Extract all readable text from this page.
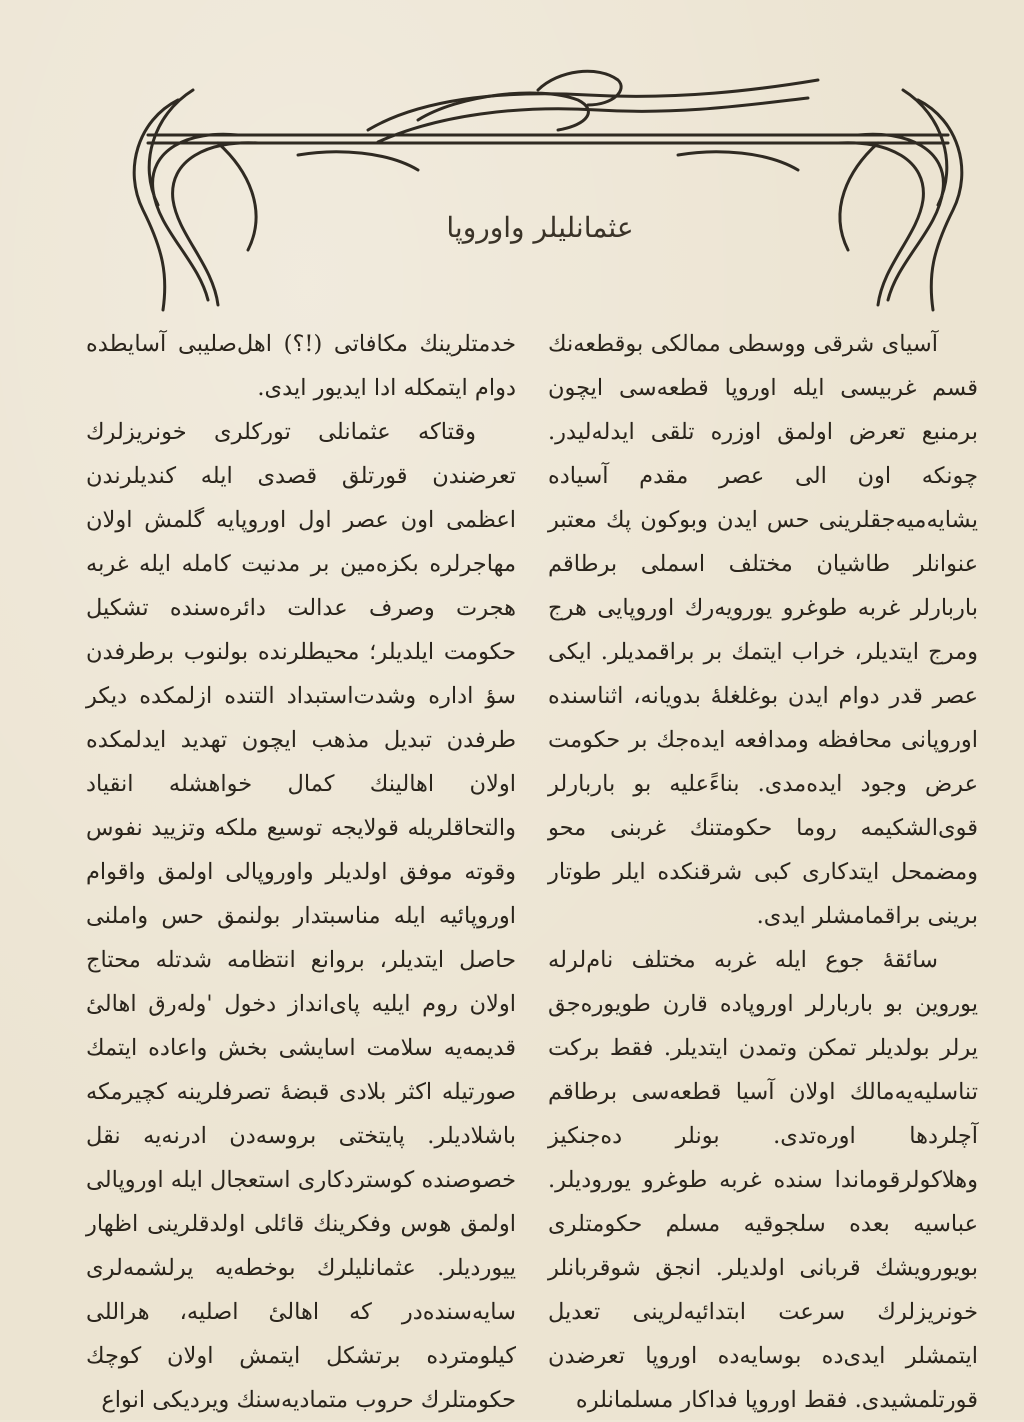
عثمانلیلر واوروپا

آسیای شرقی ووسطی ممالکی بوقطعه‌نك قسم غربیسی ایله اوروپا قطعه‌سی ایچون برمنبع تعرض اولمق اوزره تلقی ایدله‌لیدر. چونکه اون الی عصر مقدم آسیاده یشایه‌میه‌جقلرینی حس ایدن وبوکون پك معتبر عنوانلر طاشیان مختلف اسملی برطاقم باربارلر غربه طوغرو یورویه‌رك اوروپایی هرج ومرج ایتدیلر، خراب ایتمك بر براقمدیلر. ایکی عصر قدر دوام ایدن بوغلغلهٔ بدویانه، اثناسنده اوروپانی محافظه ومدافعه ایده‌جك بر حکومت عرض وجود ایده‌مدی. بناءًعلیه بو باربارلر قوی‌الشکیمه روما حکومتنك غربنی محو ومضمحل ایتدکاری کبی شرقنکده ایلر طوتار برینی براقمامشلر ایدی.

سائقهٔ جوع ایله غربه مختلف نام‌لرله یوروین بو باربارلر اوروپاده قارن طویوره‌جق یرلر بولدیلر تمکن وتمدن ایتدیلر. فقط برکت تناسلیه‌یه‌مالك اولان آسیا قطعه‌سی برطاقم آچلردها اوره‌تدی. بونلر ده‌جنکیز وهلاکولرقوماندا سنده غربه طوغرو یوروديلر. عباسیه بعده سلجوقیه مسلم حکومتلری بویورویشك قربانی اولدیلر. انجق شوقربانلر خونریزلرك سرعت ابتدائیه‌لرینی تعدیل ایتمشلر ایدی‌ده بوسایه‌ده اوروپا تعرضدن قورتلمشیدی. فقط اوروپا فداکار مسلمانلره

خدمتلرینك مکافاتی (!؟) اهل‌صلیبی آسایطده دوام ایتمکله ادا ایدیور ایدی.

وقتاکه عثمانلی تورکلری خونریزلرك تعرضندن قورتلق قصدی ایله کندیلرندن اعظمی اون عصر اول اوروپایه گلمش اولان مهاجرلره بکزه‌مین بر مدنیت کامله ایله غربه هجرت وصرف عدالت دائره‌سنده تشکیل حکومت ایلدیلر؛ محیطلرنده بولنوب برطرفدن سؤ اداره وشدت‌استبداد التنده ازلمکده دیکر طرفدن تبدیل مذهب ایچون تهدید ایدلمکده اولان اهالینك کمال خواهشله انقیاد والتحاقلریله قولایجه توسیع ملکه وتزیید نفوس وقوته موفق اولدیلر واوروپالی اولمق واقوام اوروپائیه ایله مناسبتدار بولنمق حس واملنی حاصل ایتدیلر، بروانع انتظامه شدتله محتاج اولان روم ایلیه پای‌انداز دخول 'وله‌رق اهالیٔ قدیمه‌یه سلامت اسایشی بخش واعاده ایتمك صورتیله اکثر بلادی قبضهٔ تصرفلرینه کچیرمکه باشلادیلر. پایتختی بروسه‌دن ادرنه‌یه نقل خصوصنده کوستردکاری استعجال ایله اوروپالی اولمق هوس وفکرینك قائلی اولدقلرینی اظهار ییوردیلر. عثمانلیلرك بوخطه‌یه یرلشمه‌لری سایه‌سنده‌در که اهالیٔ اصلیه، هراللی کیلومترده برتشکل ایتمش اولان کوچك حکومتلرك حروب متمادیه‌سنك ویردیکی انواع
